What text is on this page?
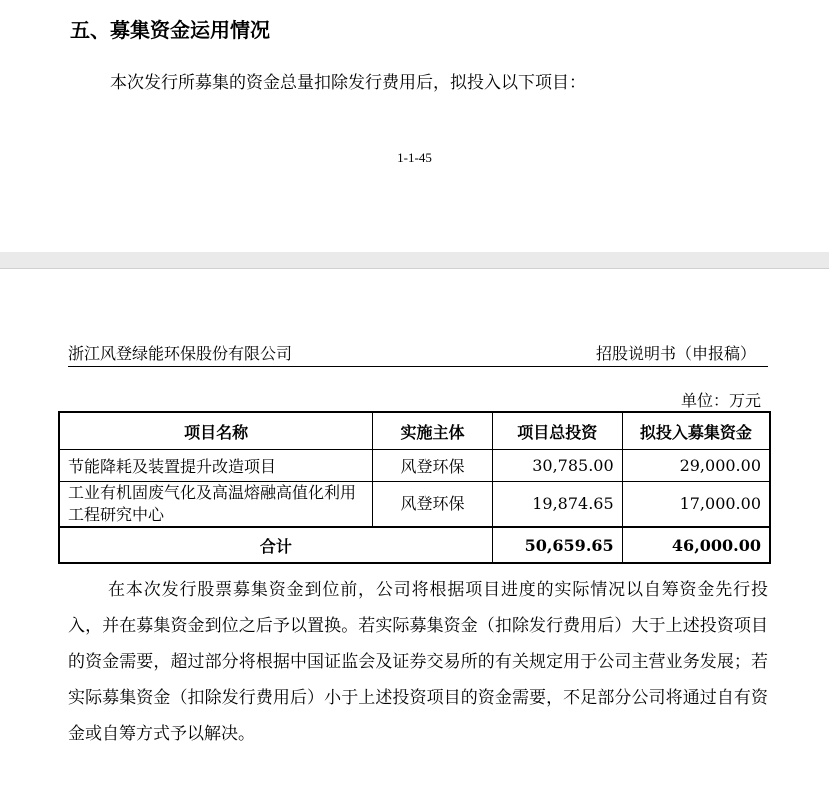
五、募集资金运用情况
本次发行所募集的资金总量扣除发行费用后，拟投入以下项目：
1-1-45
浙江风登绿能环保股份有限公司	招股说明书（申报稿）
单位：万元
项目名称	实施主体	项目总投资	拟投入募集资金
节能降耗及装置提升改造项目	风登环保	30,785.00	29,000.00
工业有机固废气化及高温熔融高值化利用工程研究中心	风登环保	19,874.65	17,000.00
合计		50,659.65	46,000.00
在本次发行股票募集资金到位前，公司将根据项目进度的实际情况以自筹资金先行投入，并在募集资金到位之后予以置换。若实际募集资金（扣除发行费用后）大于上述投资项目的资金需要，超过部分将根据中国证监会及证券交易所的有关规定用于公司主营业务发展；若实际募集资金（扣除发行费用后）小于上述投资项目的资金需要，不足部分公司将通过自有资金或自筹方式予以解决。
